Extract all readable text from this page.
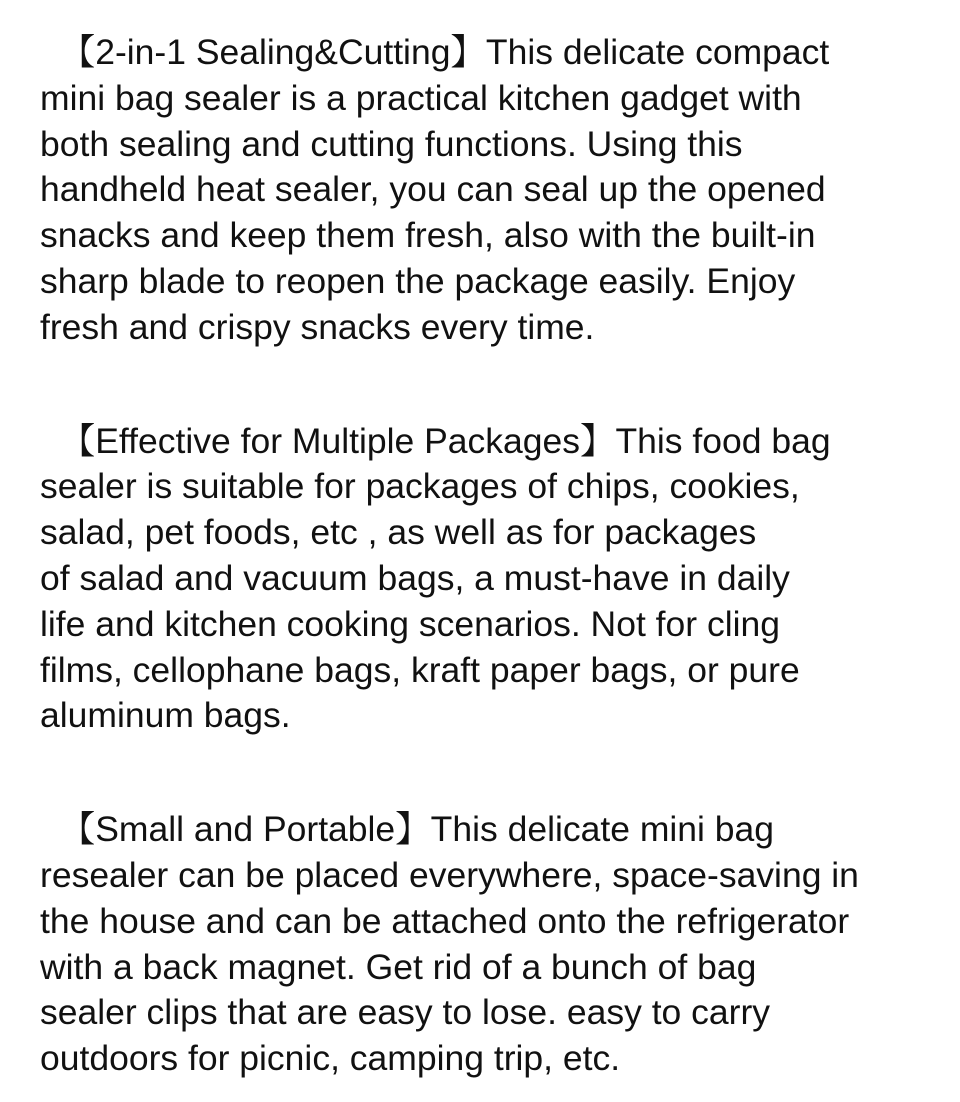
【2-in-1 Sealing&Cutting】This delicate compact
mini bag sealer is a practical kitchen gadget with
both sealing and cutting functions. Using this
handheld heat sealer, you can seal up the opened
snacks and keep them fresh, also with the built-in
sharp blade to reopen the package easily. Enjoy
fresh and crispy snacks every time.

【Effective for Multiple Packages】This food bag
sealer is suitable for packages of chips, cookies,
salad, pet foods, etc , as well as for packages
of salad and vacuum bags, a must-have in daily
life and kitchen cooking scenarios. Not for cling
films, cellophane bags, kraft paper bags, or pure
aluminum bags.

【Small and Portable】This delicate mini bag
resealer can be placed everywhere, space-saving in
the house and can be attached onto the refrigerator
with a back magnet. Get rid of a bunch of bag
sealer clips that are easy to lose. easy to carry
outdoors for picnic, camping trip, etc.
